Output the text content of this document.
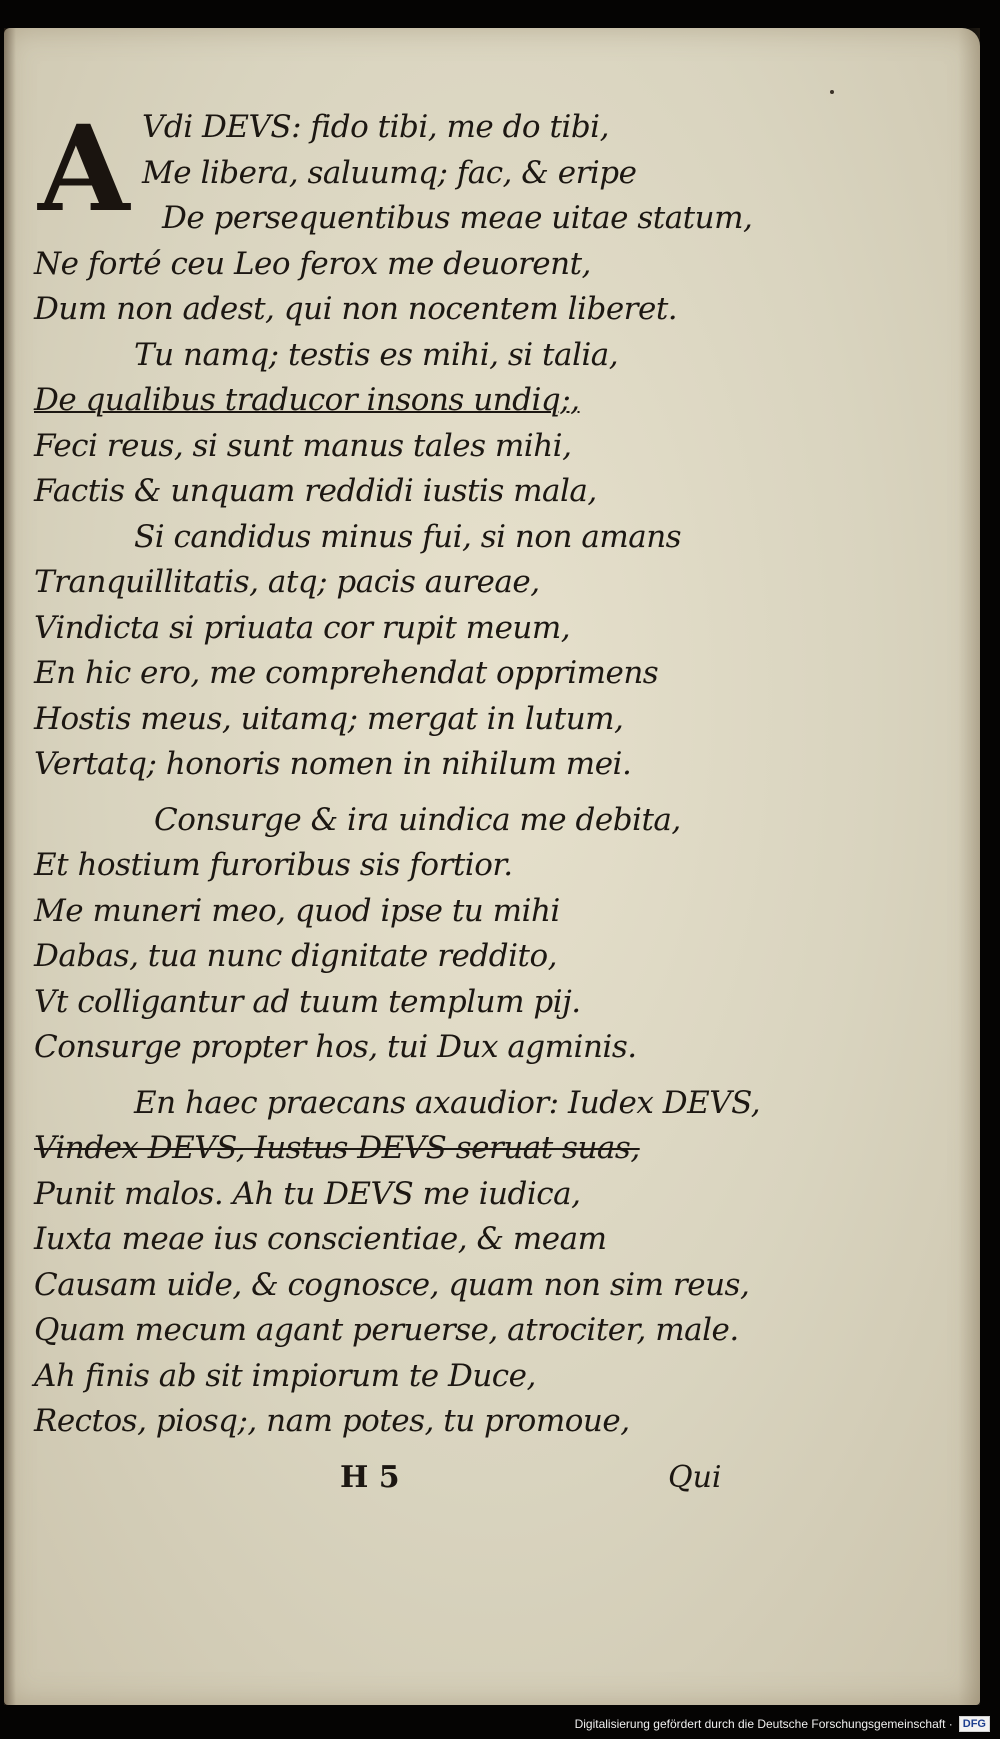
A Vdi DEVS: fido tibi, me do tibi,
Me libera, saluumq; fac, & eripe
De persequentibus meae uitae statum,
Ne forté ceu Leo ferox me deuorent,
Dum non adest, qui non nocentem liberet.
Tu namq; testis es mihi, si talia,
De qualibus traducor insons undiq;,
Feci reus, si sunt manus tales mihi,
Factis & unquam reddidi iustis mala,
Si candidus minus fui, si non amans
Tranquillitatis, atq; pacis aureae,
Vindicta si priuata cor rupit meum,
En hic ero, me comprehendat opprimens
Hostis meus, uitamq; mergat in lutum,
Vertatq; honoris nomen in nihilum mei.
Consurge & ira uindica me debita,
Et hostium furoribus sis fortior.
Me muneri meo, quod ipse tu mihi
Dabas, tua nunc dignitate reddito,
Vt colligantur ad tuum templum pij.
Consurge propter hos, tui Dux agminis.
En haec praecans axaudior: Iudex DEVS,
Vindex DEVS, Iustus DEVS seruat suas,
Punit malos. Ah tu DEVS me iudica,
Iuxta meae ius conscientiae, & meam
Causam uide, & cognosce, quam non sim reus,
Quam mecum agant peruerse, atrociter, male.
Ah finis ab sit impiorum te Duce,
Rectos, piosq;, nam potes, tu promoue,
H 5	Qui
Digitalisierung gefördert durch die Deutsche Forschungsgemeinschaft · DFG
